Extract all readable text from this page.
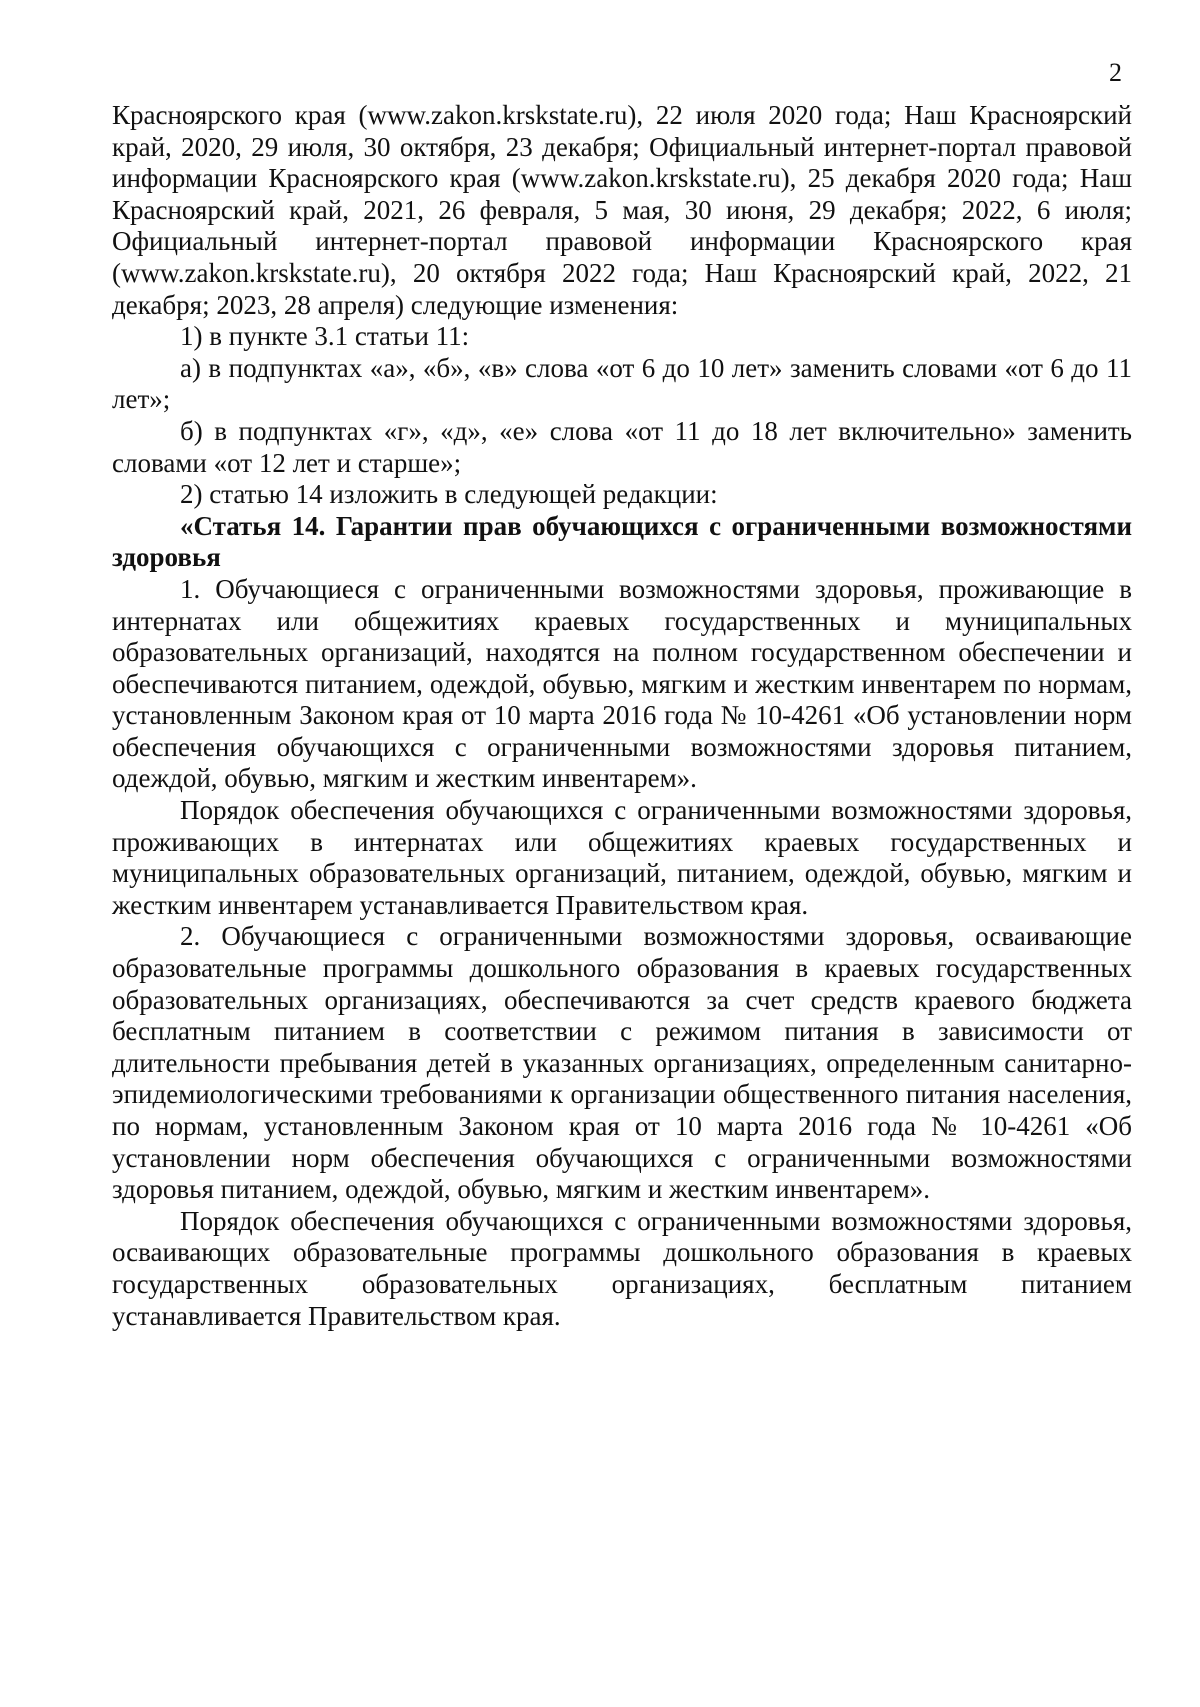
2

Красноярского края (www.zakon.krskstate.ru), 22 июля 2020 года; Наш Красноярский край, 2020, 29 июля, 30 октября, 23 декабря; Официальный интернет-портал правовой информации Красноярского края (www.zakon.krskstate.ru), 25 декабря 2020 года; Наш Красноярский край, 2021, 26 февраля, 5 мая, 30 июня, 29 декабря; 2022, 6 июля; Официальный интернет-портал правовой информации Красноярского края (www.zakon.krskstate.ru), 20 октября 2022 года; Наш Красноярский край, 2022, 21 декабря; 2023, 28 апреля) следующие изменения:

1) в пункте 3.1 статьи 11:

а) в подпунктах «а», «б», «в» слова «от 6 до 10 лет» заменить словами «от 6 до 11 лет»;

б) в подпунктах «г», «д», «е» слова «от 11 до 18 лет включительно» заменить словами «от 12 лет и старше»;

2) статью 14 изложить в следующей редакции:

«Статья 14. Гарантии прав обучающихся с ограниченными возможностями здоровья

1. Обучающиеся с ограниченными возможностями здоровья, проживающие в интернатах или общежитиях краевых государственных и муниципальных образовательных организаций, находятся на полном государственном обеспечении и обеспечиваются питанием, одеждой, обувью, мягким и жестким инвентарем по нормам, установленным Законом края от 10 марта 2016 года № 10-4261 «Об установлении норм обеспечения обучающихся с ограниченными возможностями здоровья питанием, одеждой, обувью, мягким и жестким инвентарем».

Порядок обеспечения обучающихся с ограниченными возможностями здоровья, проживающих в интернатах или общежитиях краевых государственных и муниципальных образовательных организаций, питанием, одеждой, обувью, мягким и жестким инвентарем устанавливается Правительством края.

2. Обучающиеся с ограниченными возможностями здоровья, осваивающие образовательные программы дошкольного образования в краевых государственных образовательных организациях, обеспечиваются за счет средств краевого бюджета бесплатным питанием в соответствии с режимом питания в зависимости от длительности пребывания детей в указанных организациях, определенным санитарно-эпидемиологическими требованиями к организации общественного питания населения, по нормам, установленным Законом края от 10 марта 2016 года № 10-4261 «Об установлении норм обеспечения обучающихся с ограниченными возможностями здоровья питанием, одеждой, обувью, мягким и жестким инвентарем».

Порядок обеспечения обучающихся с ограниченными возможностями здоровья, осваивающих образовательные программы дошкольного образования в краевых государственных образовательных организациях, бесплатным питанием устанавливается Правительством края.
